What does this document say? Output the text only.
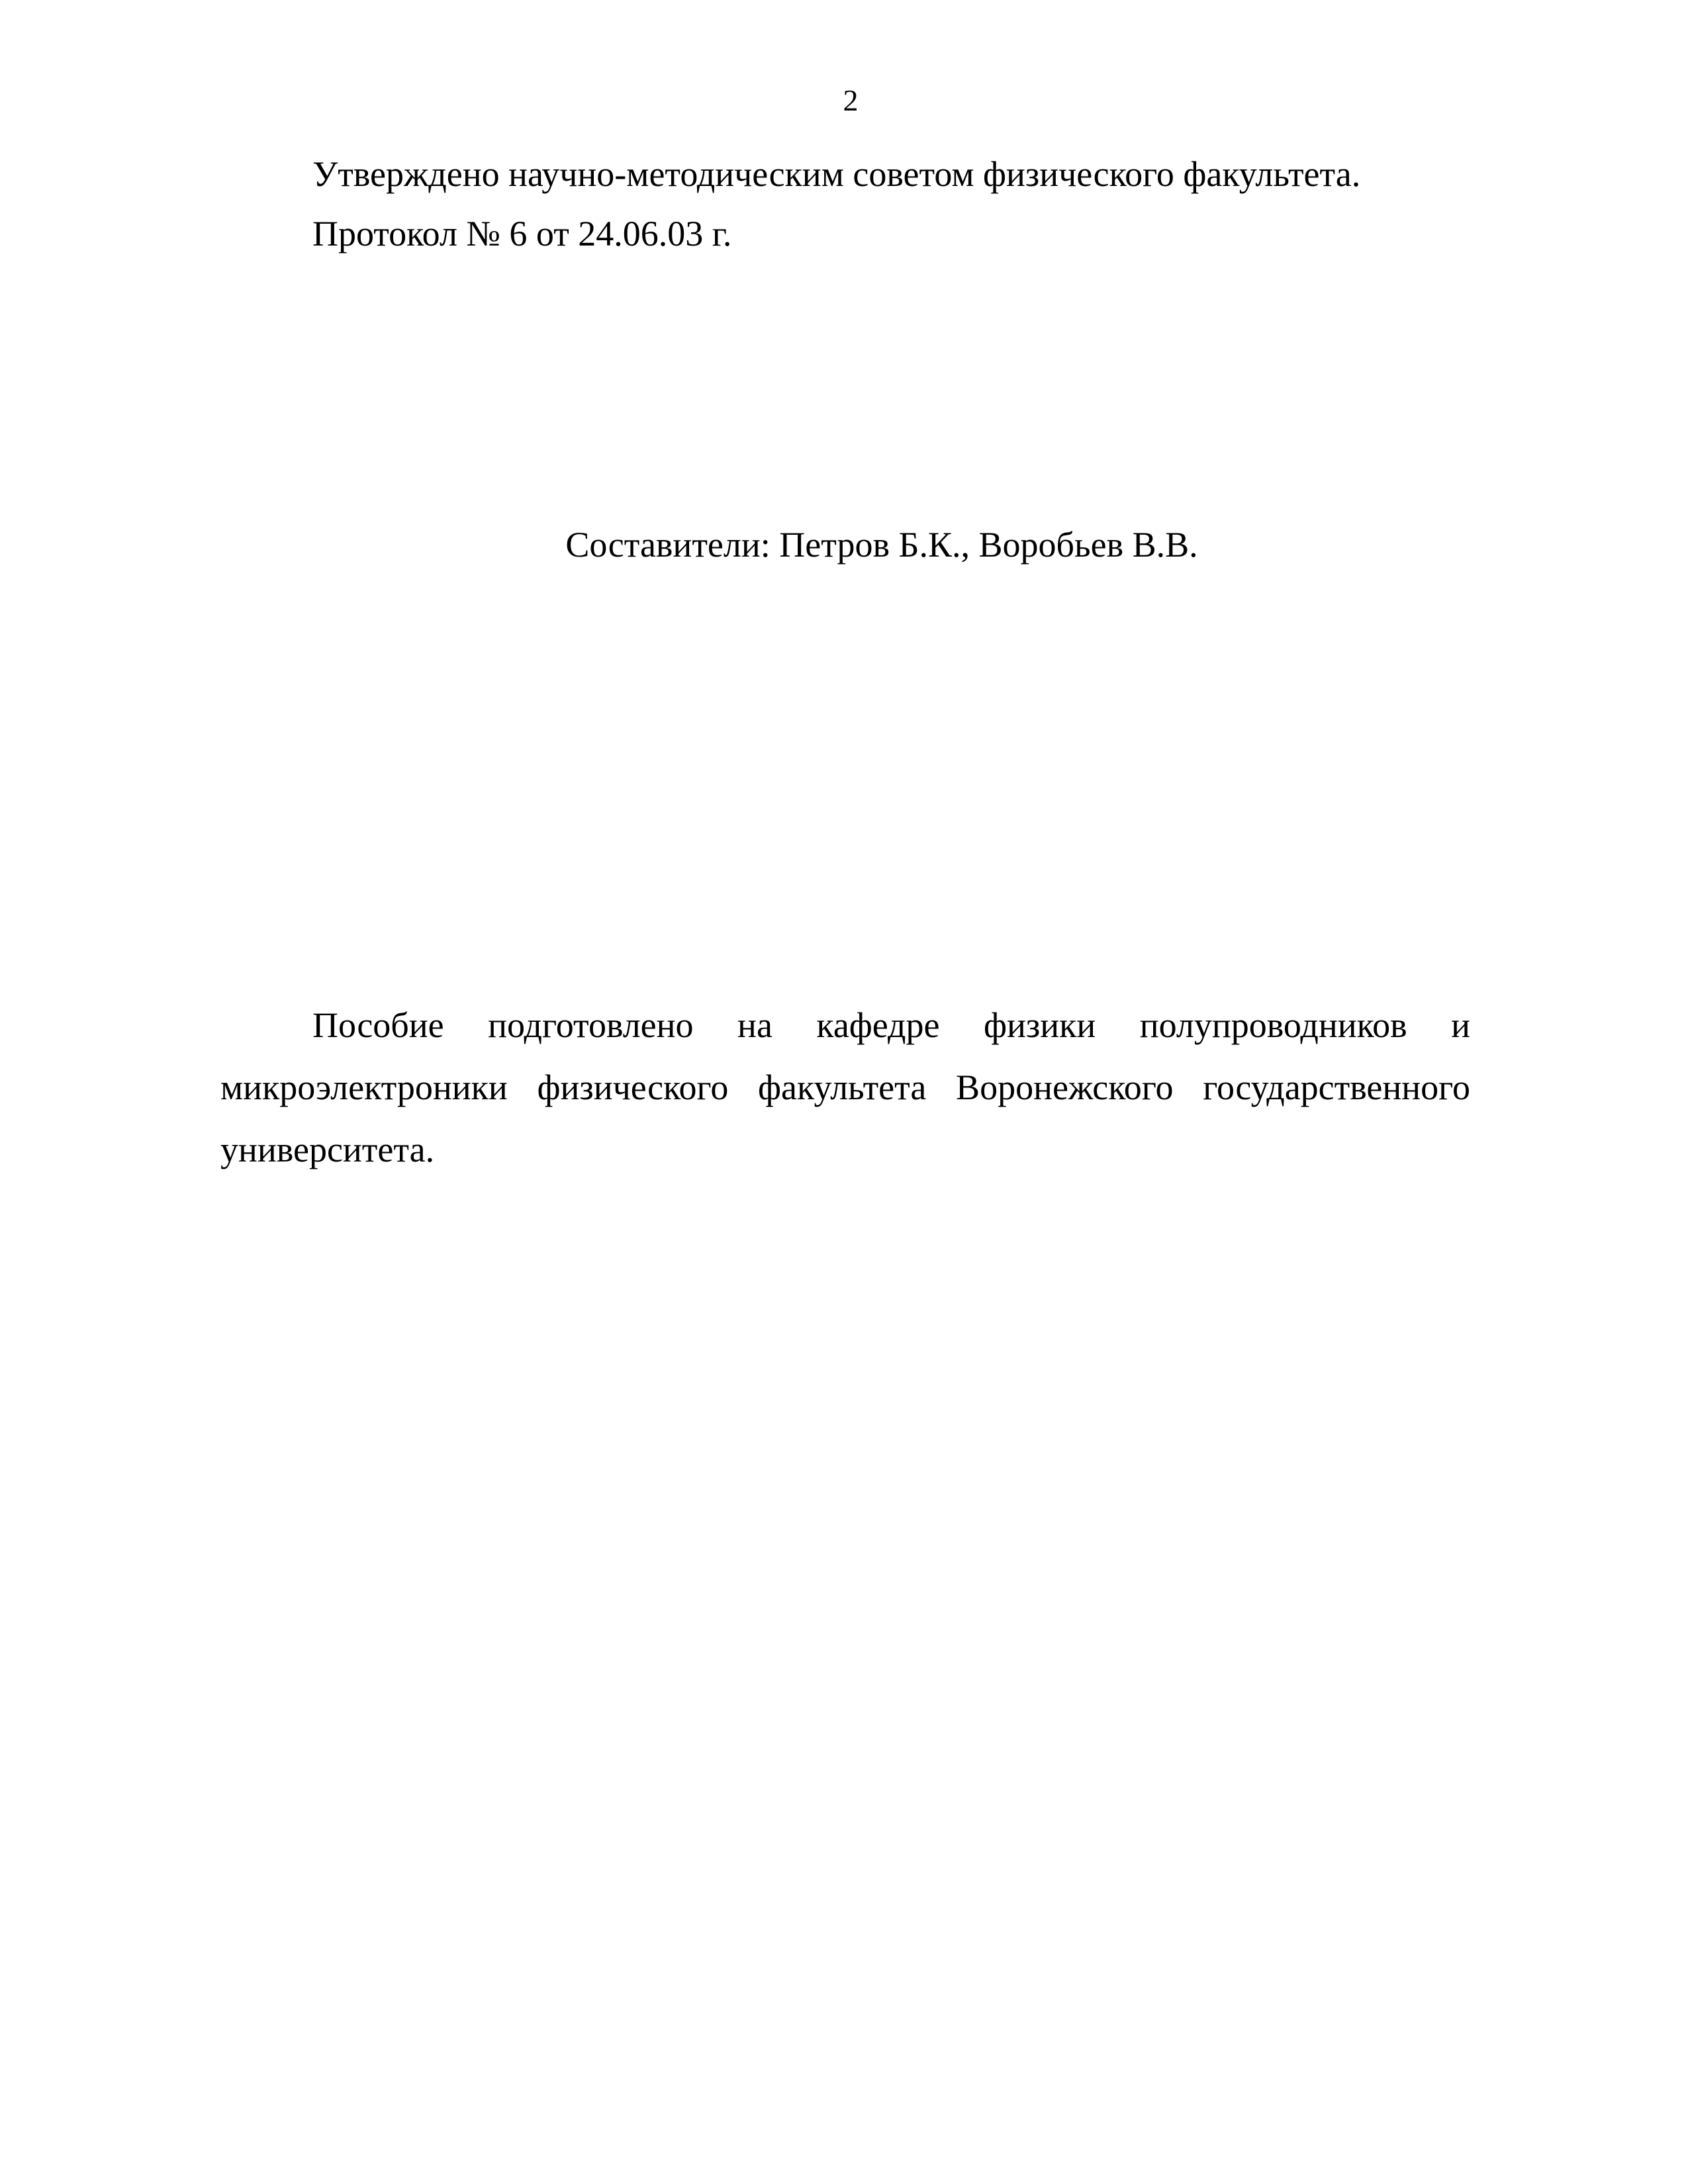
2
Утверждено научно-методическим советом физического факультета.
Протокол № 6 от 24.06.03 г.
Составители: Петров Б.К., Воробьев В.В.

Пособие подготовлено на кафедре физики полупроводников и микроэлектроники физического факультета Воронежского государственного университета.
